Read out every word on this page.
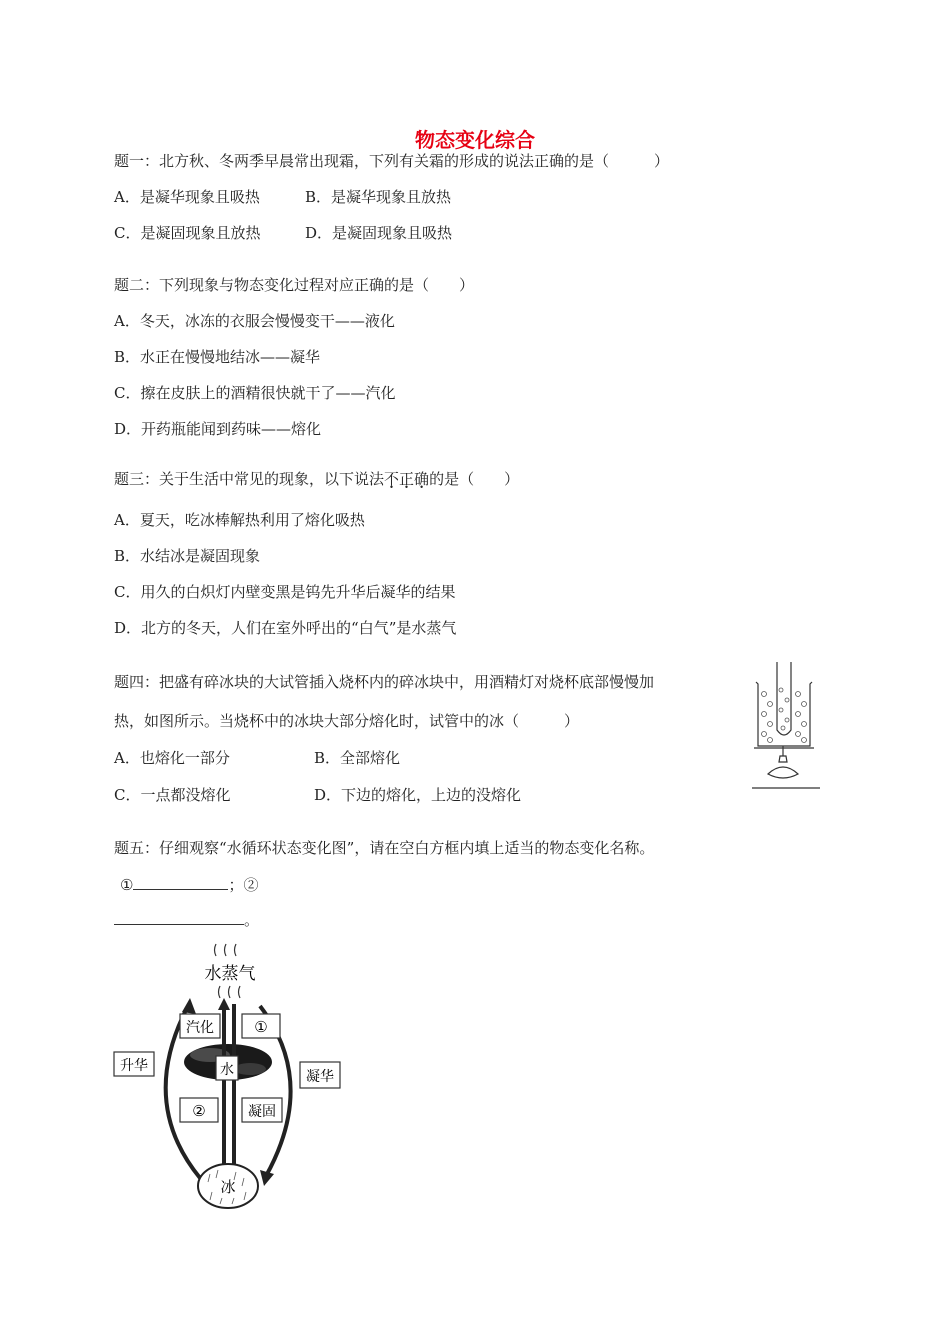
物态变化综合
题一：北方秋、冬两季早晨常出现霜，下列有关霜的形成的说法正确的是（　　　）
A．是凝华现象且吸热	B．是凝华现象且放热
C．是凝固现象且放热	D．是凝固现象且吸热
题二：下列现象与物态变化过程对应正确的是（　　）
A．冬天，冰冻的衣服会慢慢变干——液化
B．水正在慢慢地结冰——凝华
C．擦在皮肤上的酒精很快就干了——汽化
D．开药瓶能闻到药味——熔化
题三：关于生活中常见的现象，以下说法不正确的是（　　）
A．夏天，吃冰棒解热利用了熔化吸热
B．水结冰是凝固现象
C．用久的白炽灯内壁变黑是钨先升华后凝华的结果
D．北方的冬天，人们在室外呼出的“白气”是水蒸气
题四：把盛有碎冰块的大试管插入烧杯内的碎冰块中，用酒精灯对烧杯底部慢慢加
热，如图所示。当烧杯中的冰块大部分熔化时，试管中的冰（　　　）
A．也熔化一部分	B．全部熔化
C．一点都没熔化	D．下边的熔化，上边的没熔化
题五：仔细观察“水循环状态变化图”，请在空白方框内填上适当的物态变化名称。
①	；②
。
水蒸气
水
汽化	①
升华
凝华
②	凝固
冰
